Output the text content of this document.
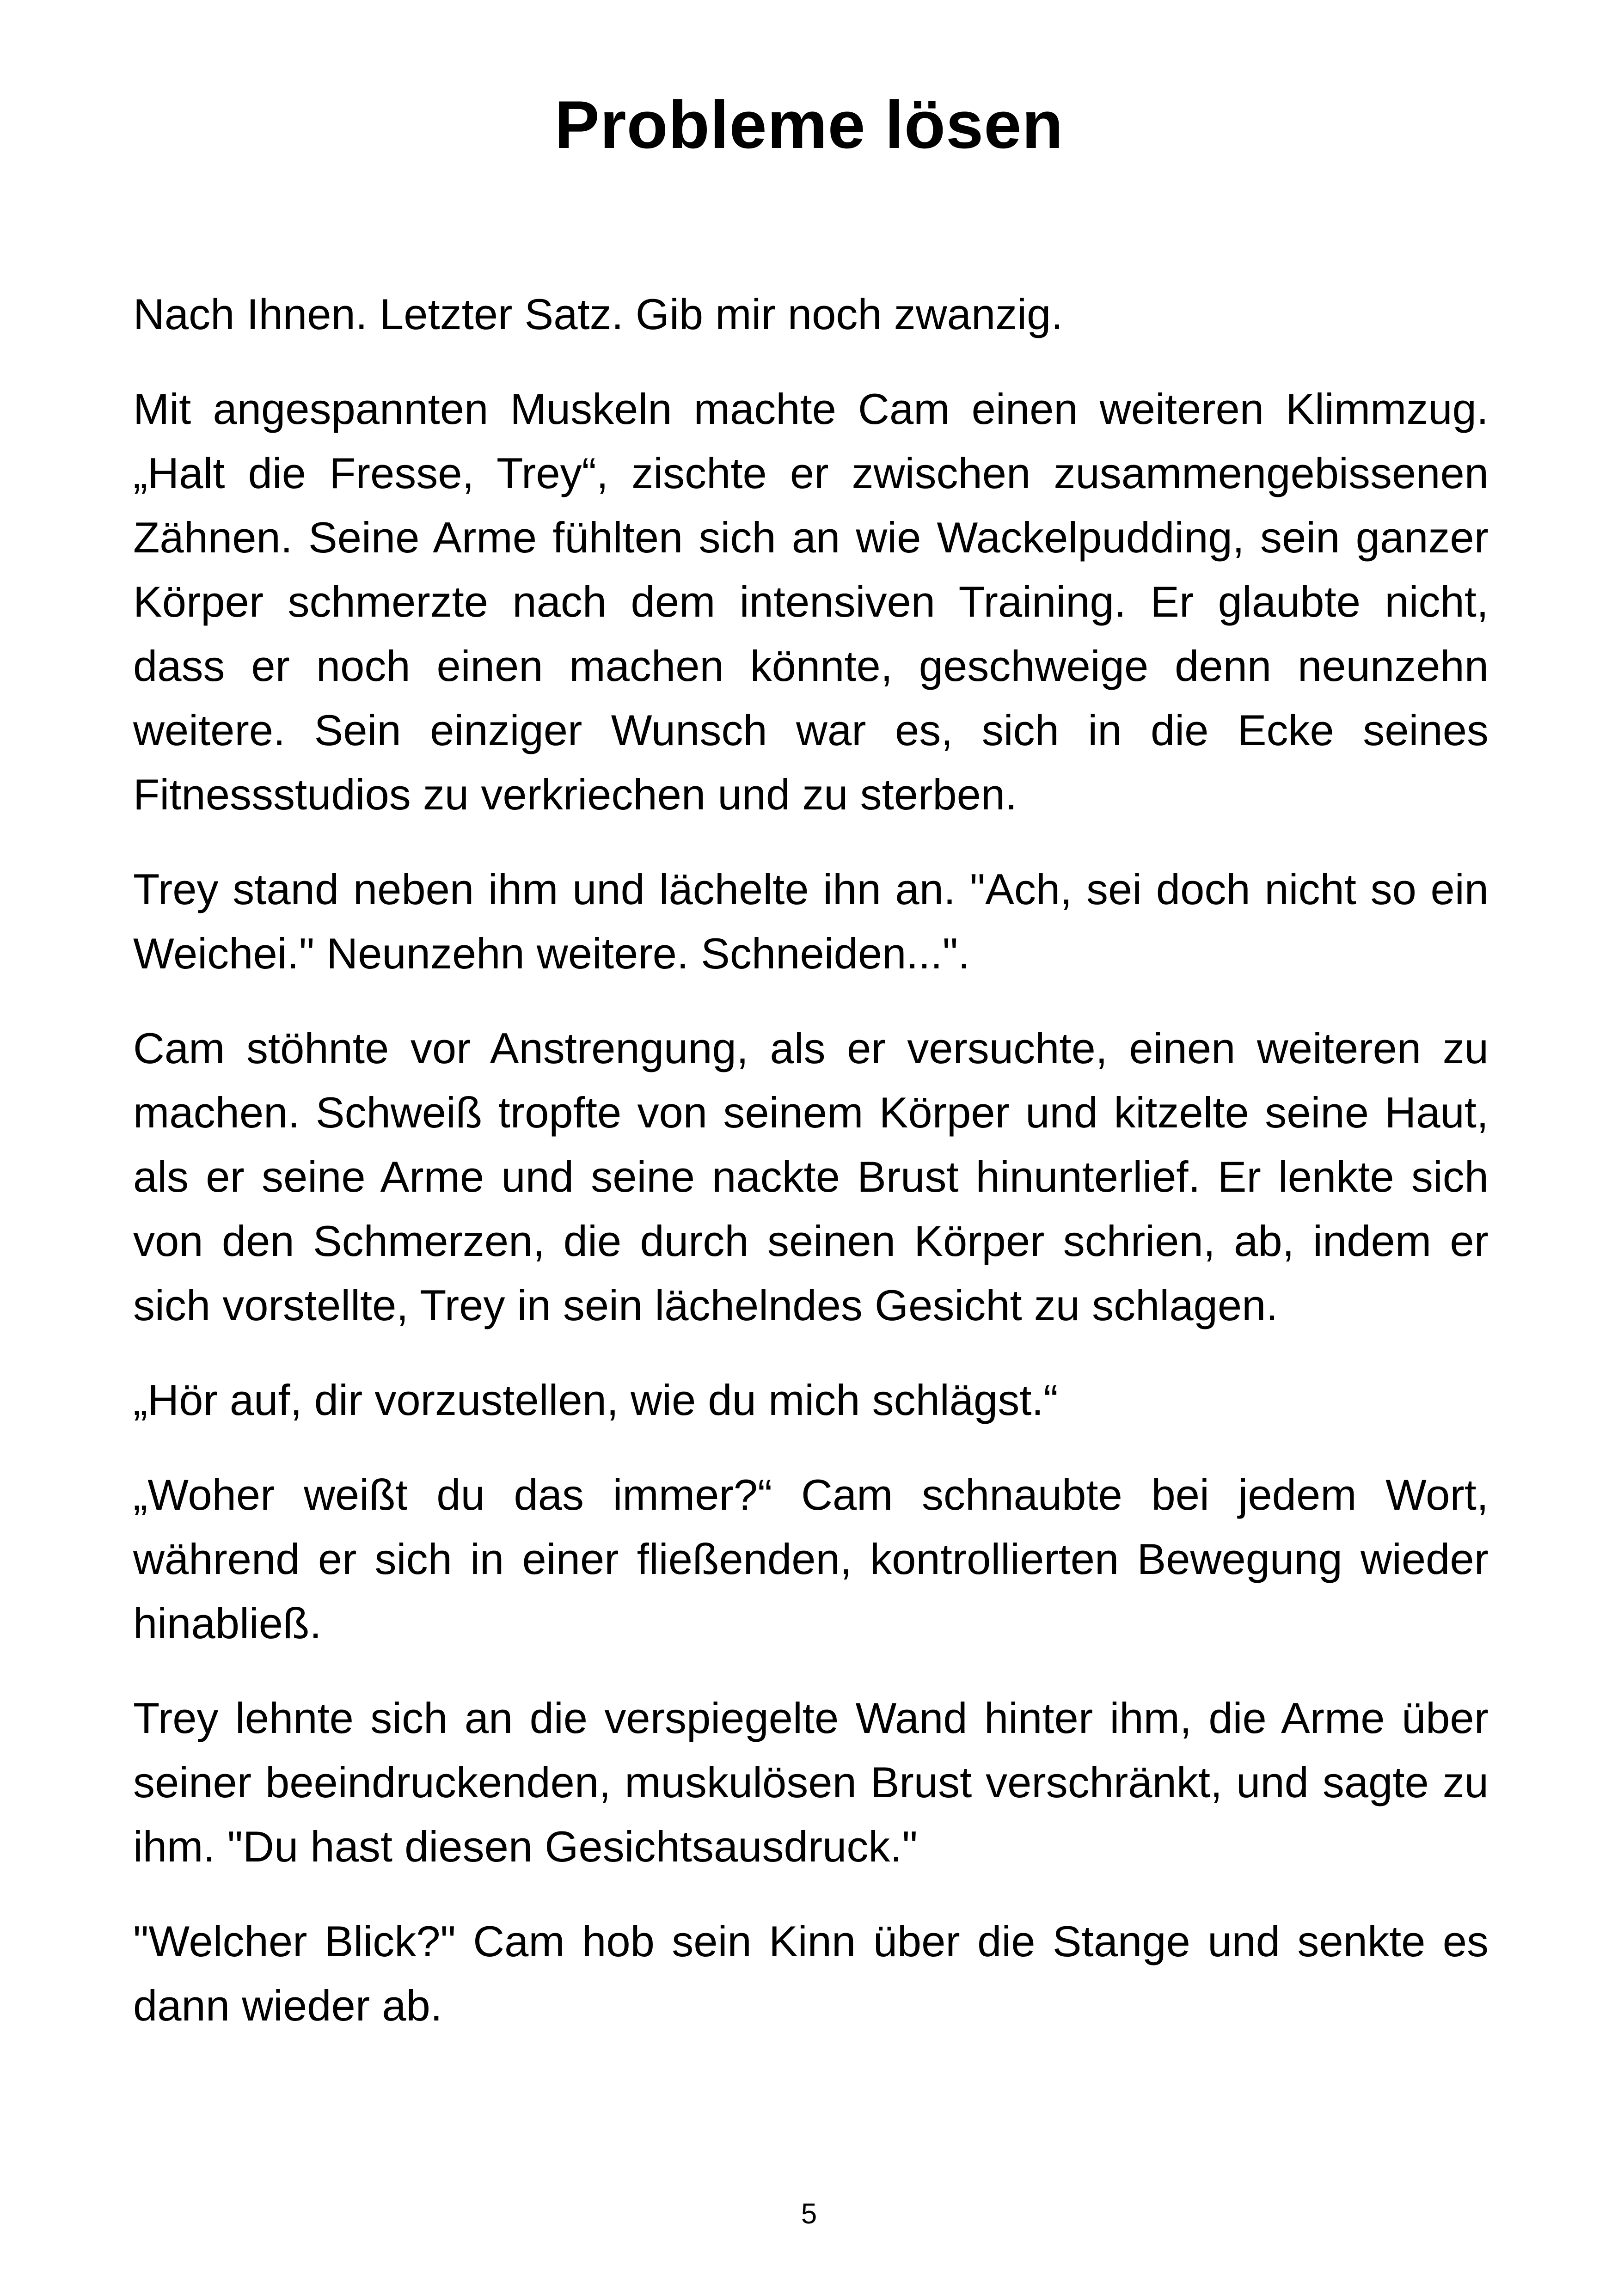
Probleme lösen

Nach Ihnen. Letzter Satz. Gib mir noch zwanzig.

Mit angespannten Muskeln machte Cam einen weiteren Klimmzug. „Halt die Fresse, Trey“, zischte er zwischen zusammengebissenen Zähnen. Seine Arme fühlten sich an wie Wackelpudding, sein ganzer Körper schmerzte nach dem intensiven Training. Er glaubte nicht, dass er noch einen machen könnte, geschweige denn neunzehn weitere. Sein einziger Wunsch war es, sich in die Ecke seines Fitnessstudios zu verkriechen und zu sterben.

Trey stand neben ihm und lächelte ihn an. "Ach, sei doch nicht so ein Weichei." Neunzehn weitere. Schneiden...".

Cam stöhnte vor Anstrengung, als er versuchte, einen weiteren zu machen. Schweiß tropfte von seinem Körper und kitzelte seine Haut, als er seine Arme und seine nackte Brust hinunterlief. Er lenkte sich von den Schmerzen, die durch seinen Körper schrien, ab, indem er sich vorstellte, Trey in sein lächelndes Gesicht zu schlagen.

„Hör auf, dir vorzustellen, wie du mich schlägst.“

„Woher weißt du das immer?“ Cam schnaubte bei jedem Wort, während er sich in einer fließenden, kontrollierten Bewegung wieder hinabließ.

Trey lehnte sich an die verspiegelte Wand hinter ihm, die Arme über seiner beeindruckenden, muskulösen Brust verschränkt, und sagte zu ihm. "Du hast diesen Gesichtsausdruck."

"Welcher Blick?" Cam hob sein Kinn über die Stange und senkte es dann wieder ab.

5
